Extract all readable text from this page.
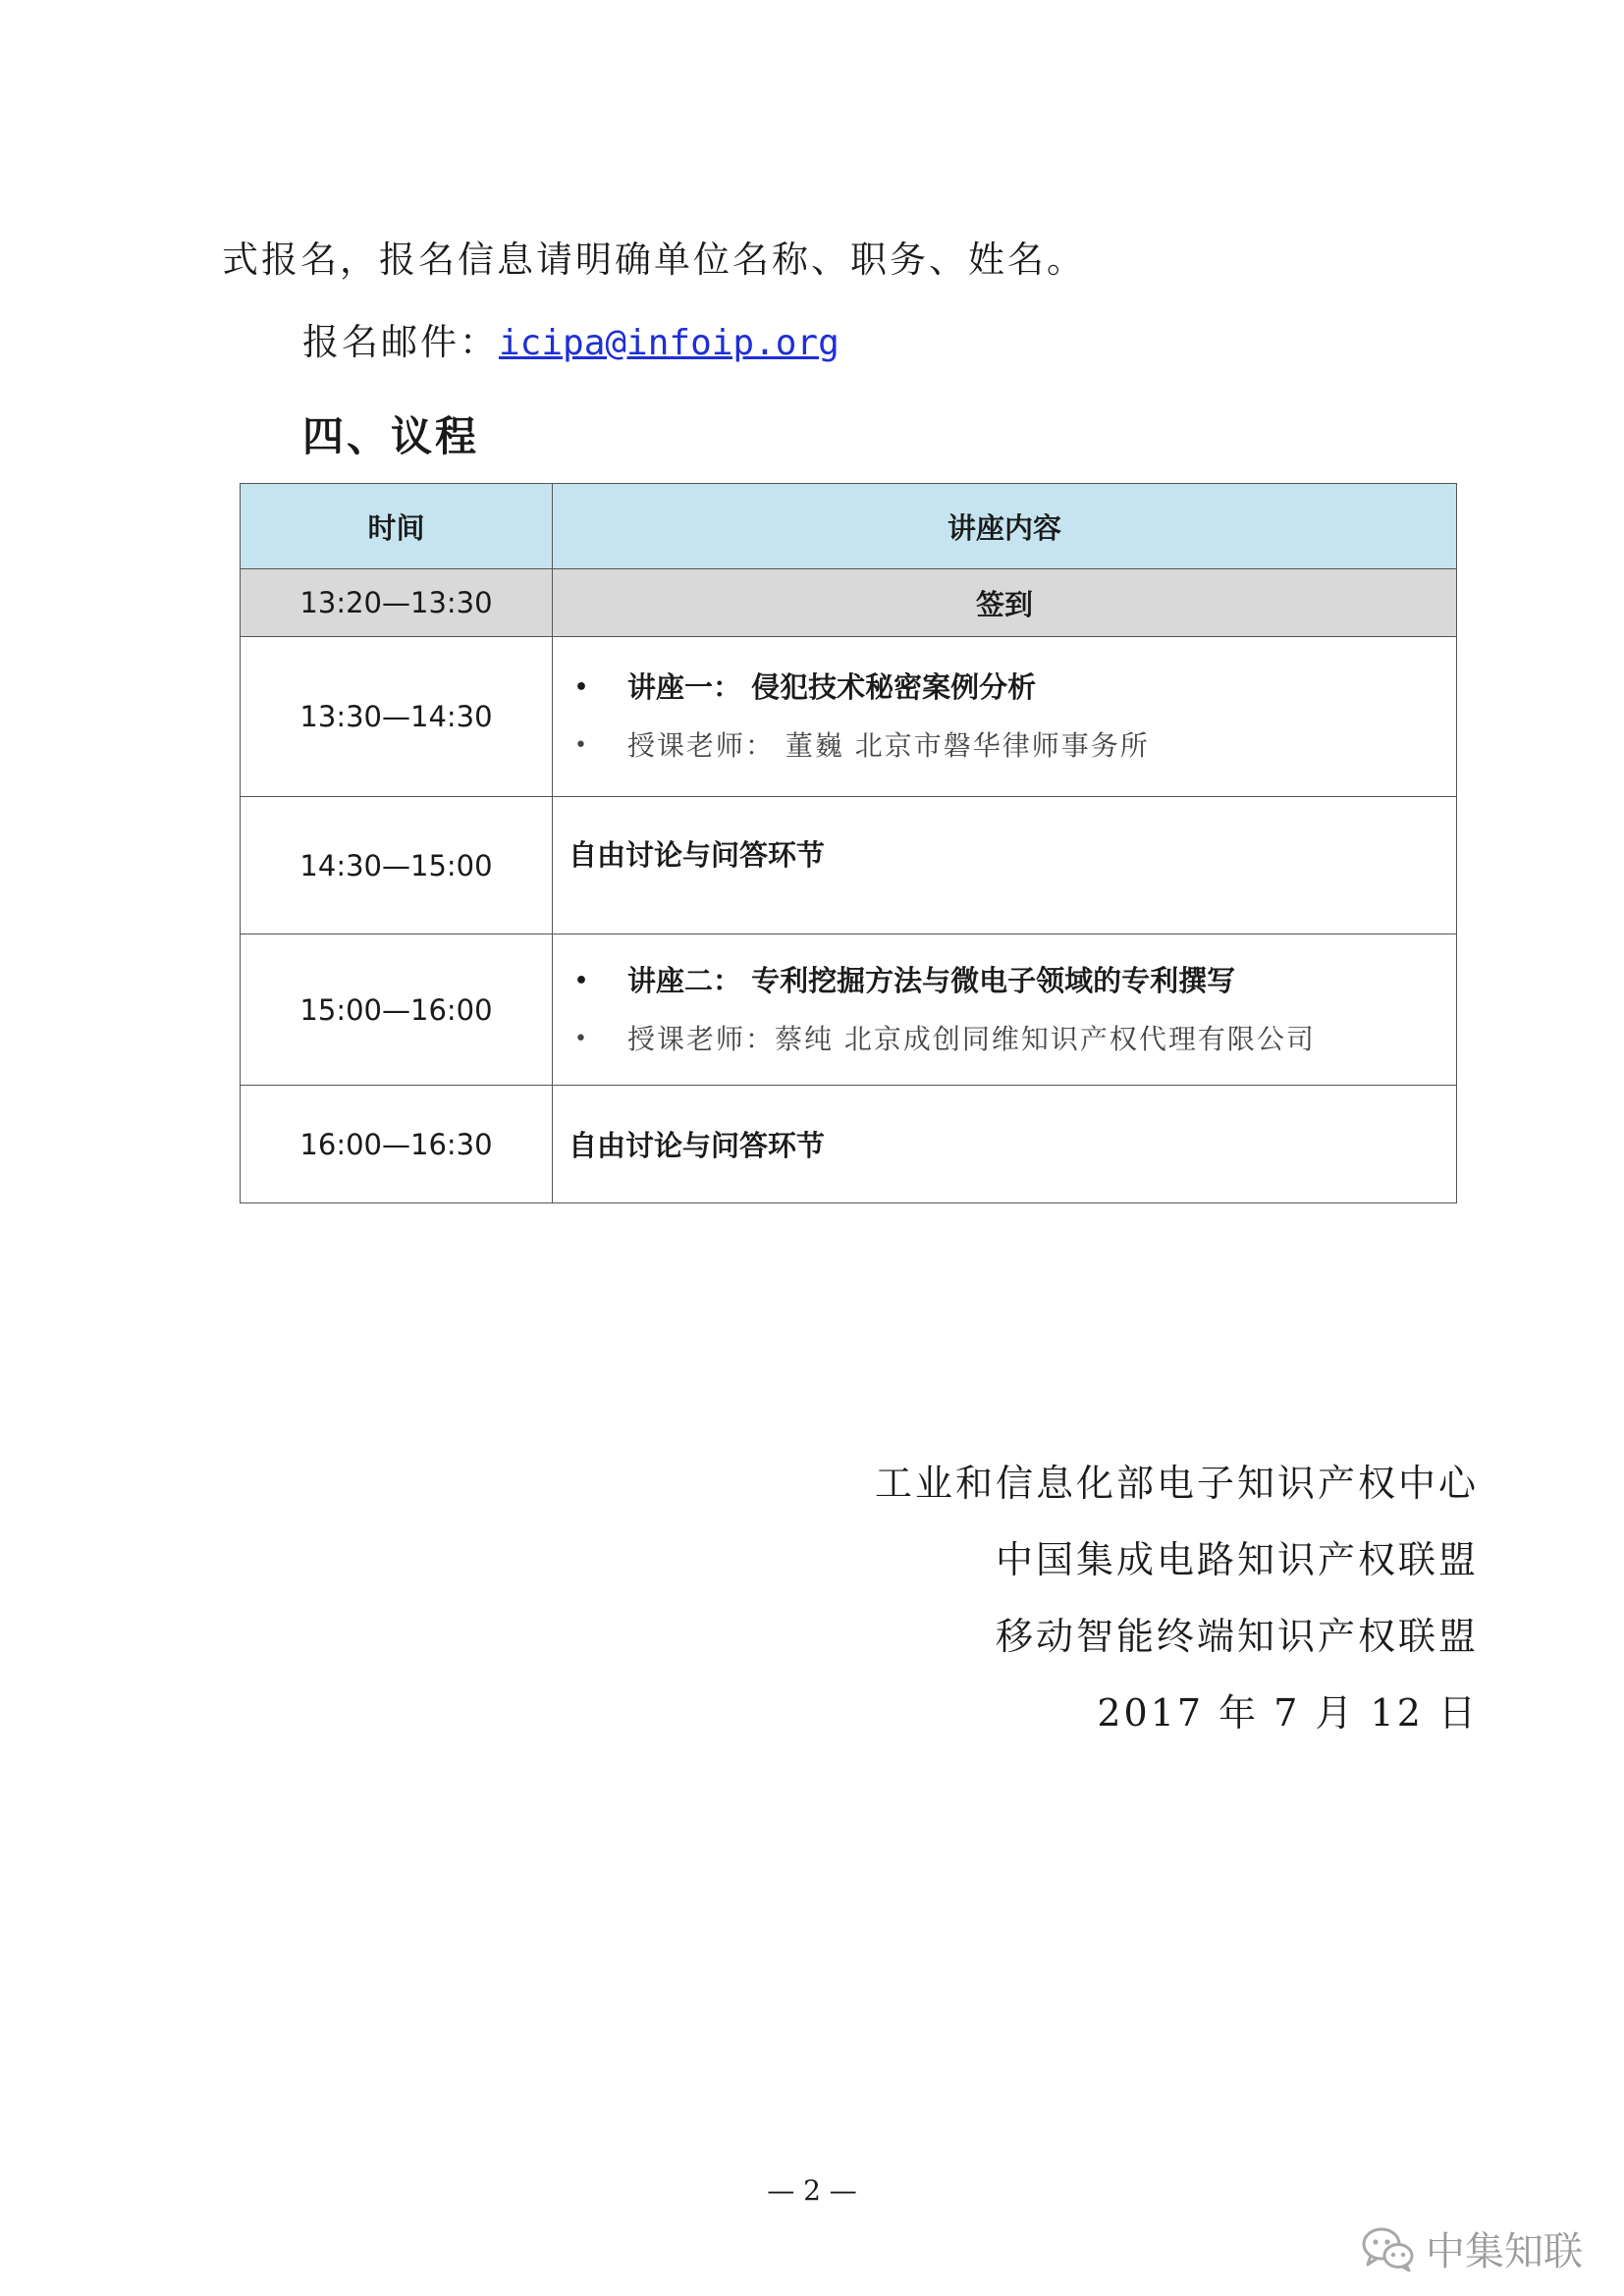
式报名，报名信息请明确单位名称、职务、姓名。

报名邮件：icipa@infoip.org

四、议程
时间	讲座内容
13:20—13:30	签到
13:30—14:30	• 讲座一： 侵犯技术秘密案例分析
• 授课老师： 董巍 北京市磐华律师事务所

14:30—15:00	自由讨论与问答环节

15:00—16:00	• 讲座二： 专利挖掘方法与微电子领域的专利撰写
• 授课老师：蔡纯 北京成创同维知识产权代理有限公司

16:00—16:30	自由讨论与问答环节

工业和信息化部电子知识产权中心

中国集成电路知识产权联盟

移动智能终端知识产权联盟

2017 年 7 月 12 日

— 2 —

中集知联
